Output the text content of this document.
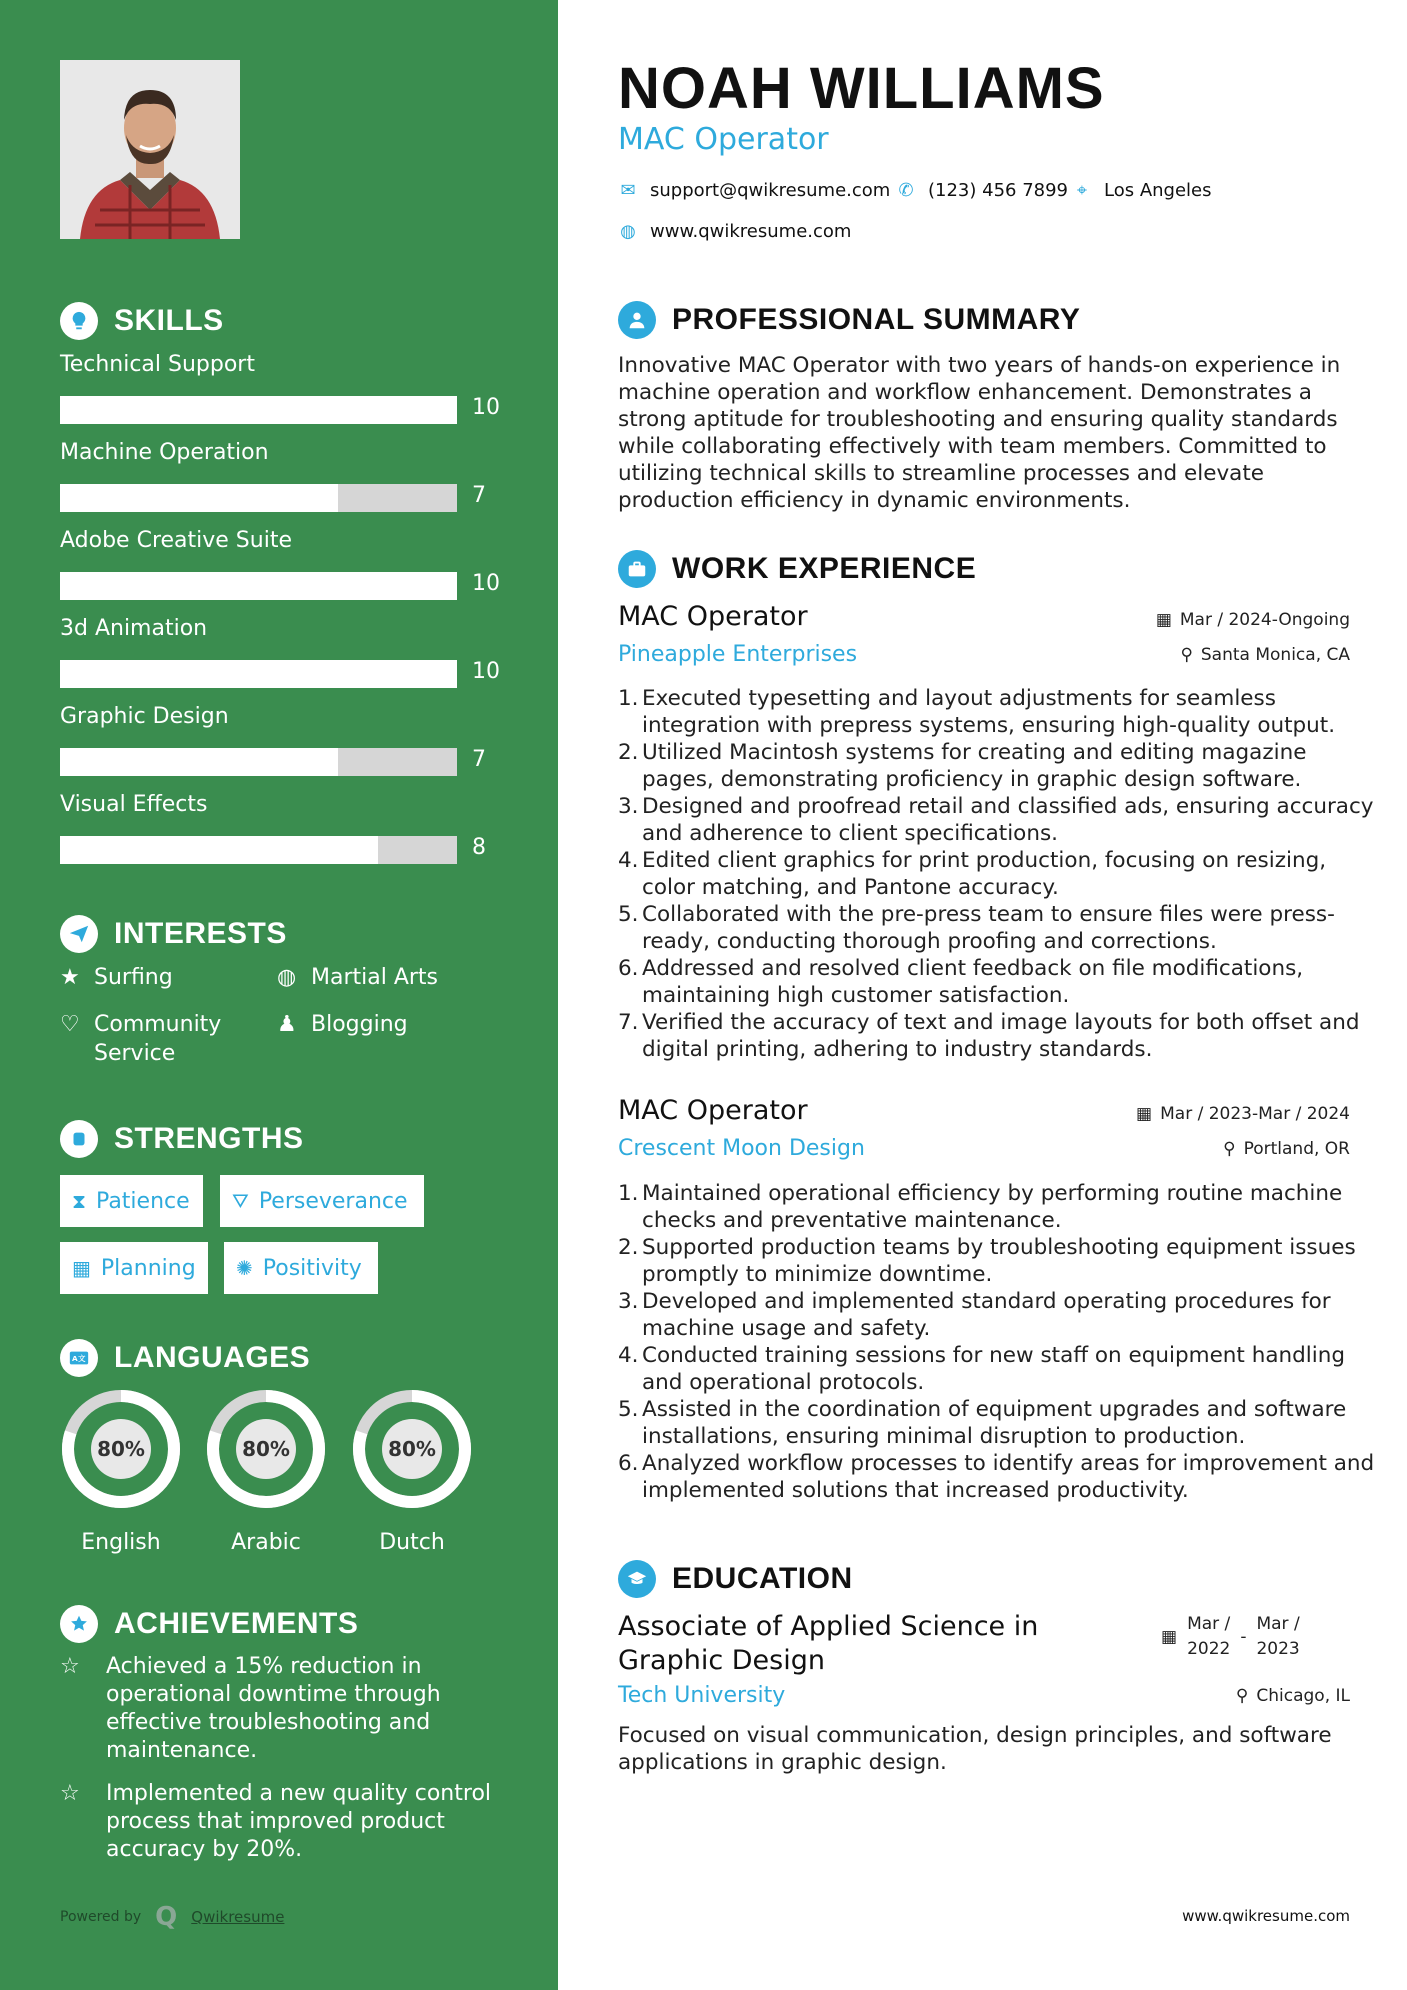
SKILLS
Technical Support
10
Machine Operation
7
Adobe Creative Suite
10
3d Animation
10
Graphic Design
7
Visual Effects
8
INTERESTS
★ Surfing	◍ Martial Arts
♡ Community Service
♟ Blogging
STRENGTHS
⧗ Patience ⛛ Perseverance
▦ Planning ✺ Positivity
A文 LANGUAGES
80%
English
80%
Arabic
80%
Dutch
ACHIEVEMENTS
☆	Achieved a 15% reduction in operational downtime through effective troubleshooting and maintenance.
☆	Implemented a new quality control process that improved product accuracy by 20%.
Powered by Q Qwikresume
NOAH WILLIAMS
MAC Operator
✉ support@qwikresume.com ✆ (123) 456 7899 ⌖ Los Angeles
◍ www.qwikresume.com
PROFESSIONAL SUMMARY

Innovative MAC Operator with two years of hands-on experience in machine operation and workflow enhancement. Demonstrates a strong aptitude for troubleshooting and ensuring quality standards while collaborating effectively with team members. Committed to utilizing technical skills to streamline processes and elevate production efficiency in dynamic environments.

WORK EXPERIENCE
MAC Operator	▦ Mar / 2024-Ongoing
Pineapple Enterprises	⚲ Santa Monica, CA
1. Executed typesetting and layout adjustments for seamless integration with prepress systems, ensuring high-quality output.
2. Utilized Macintosh systems for creating and editing magazine pages, demonstrating proficiency in graphic design software.
3. Designed and proofread retail and classified ads, ensuring accuracy and adherence to client specifications.
4. Edited client graphics for print production, focusing on resizing, color matching, and Pantone accuracy.
5. Collaborated with the pre-press team to ensure files were press-ready, conducting thorough proofing and corrections.
6. Addressed and resolved client feedback on file modifications, maintaining high customer satisfaction.
7. Verified the accuracy of text and image layouts for both offset and digital printing, adhering to industry standards.
MAC Operator	▦ Mar / 2023-Mar / 2024
Crescent Moon Design	⚲ Portland, OR
1. Maintained operational efficiency by performing routine machine checks and preventative maintenance.
2. Supported production teams by troubleshooting equipment issues promptly to minimize downtime.
3. Developed and implemented standard operating procedures for machine usage and safety.
4. Conducted training sessions for new staff on equipment handling and operational protocols.
5. Assisted in the coordination of equipment upgrades and software installations, ensuring minimal disruption to production.
6. Analyzed workflow processes to identify areas for improvement and implemented solutions that increased productivity.
EDUCATION
Associate of Applied Science in Graphic Design
▦
Mar /
2022
-
Mar /
2023
Tech University	⚲ Chicago, IL

Focused on visual communication, design principles, and software applications in graphic design.

www.qwikresume.com
